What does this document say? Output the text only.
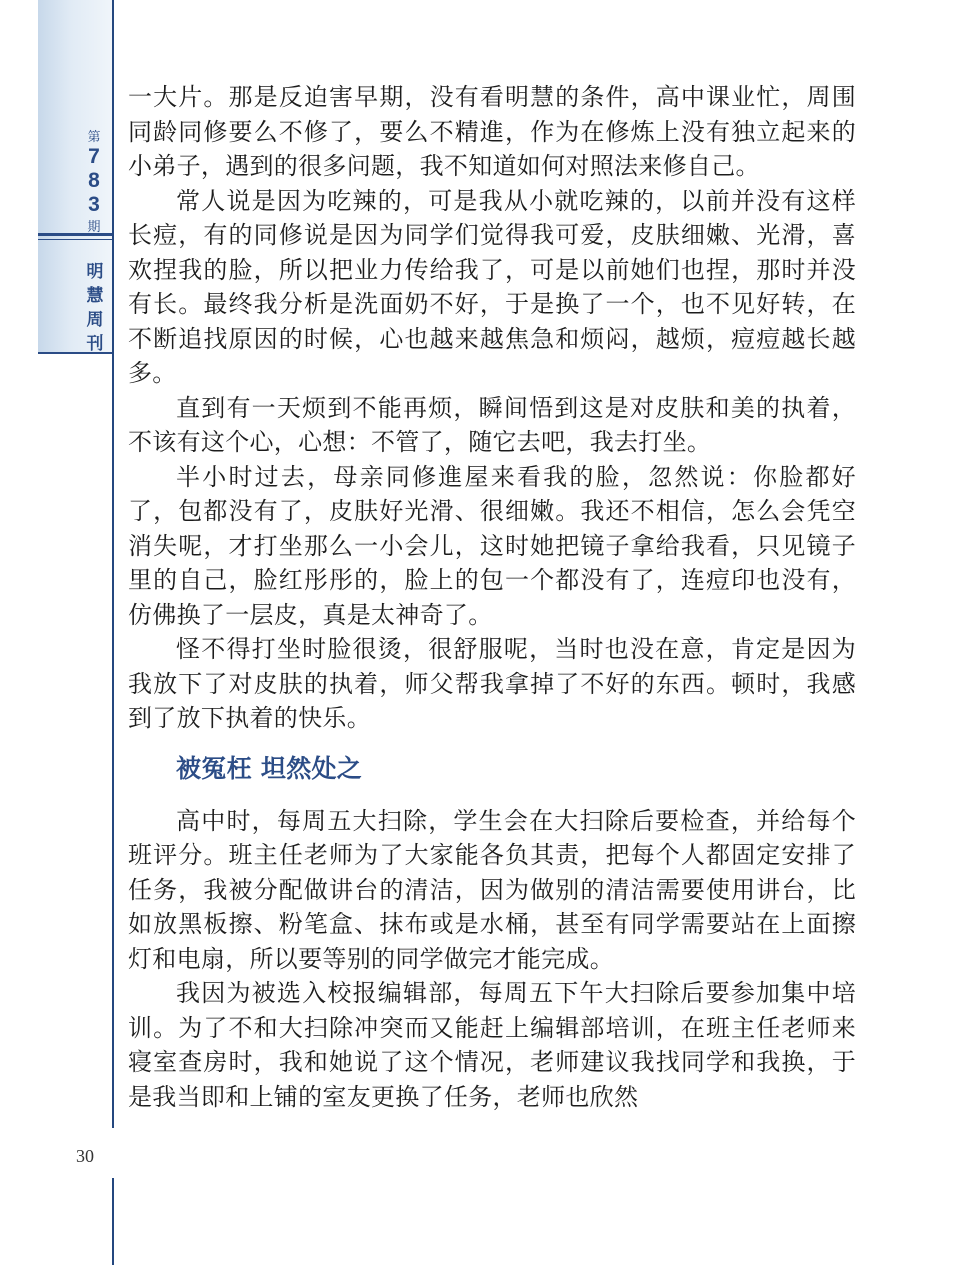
第
7
8
3
期
明
慧
周
刊
30

一大片。那是反迫害早期，没有看明慧的条件，高中课业忙，周围同龄同修要么不修了，要么不精進，作为在修炼上没有独立起来的小弟子，遇到的很多问题，我不知道如何对照法来修自己。

常人说是因为吃辣的，可是我从小就吃辣的，以前并没有这样长痘，有的同修说是因为同学们觉得我可爱，皮肤细嫩、光滑，喜欢捏我的脸，所以把业力传给我了，可是以前她们也捏，那时并没有长。最终我分析是洗面奶不好，于是换了一个，也不见好转，在不断追找原因的时候，心也越来越焦急和烦闷，越烦，痘痘越长越多。

直到有一天烦到不能再烦，瞬间悟到这是对皮肤和美的执着，不该有这个心，心想：不管了，随它去吧，我去打坐。

半小时过去，母亲同修進屋来看我的脸，忽然说：你脸都好了，包都没有了，皮肤好光滑、很细嫩。我还不相信，怎么会凭空消失呢，才打坐那么一小会儿，这时她把镜子拿给我看，只见镜子里的自己，脸红彤彤的，脸上的包一个都没有了，连痘印也没有，仿佛换了一层皮，真是太神奇了。

怪不得打坐时脸很烫，很舒服呢，当时也没在意，肯定是因为我放下了对皮肤的执着，师父帮我拿掉了不好的东西。顿时，我感到了放下执着的快乐。

被冤枉 坦然处之

高中时，每周五大扫除，学生会在大扫除后要检查，并给每个班评分。班主任老师为了大家能各负其责，把每个人都固定安排了任务，我被分配做讲台的清洁，因为做别的清洁需要使用讲台，比如放黑板擦、粉笔盒、抹布或是水桶，甚至有同学需要站在上面擦灯和电扇，所以要等别的同学做完才能完成。

我因为被选入校报编辑部，每周五下午大扫除后要参加集中培训。为了不和大扫除冲突而又能赶上编辑部培训，在班主任老师来寝室查房时，我和她说了这个情况，老师建议我找同学和我换，于是我当即和上铺的室友更换了任务，老师也欣然
